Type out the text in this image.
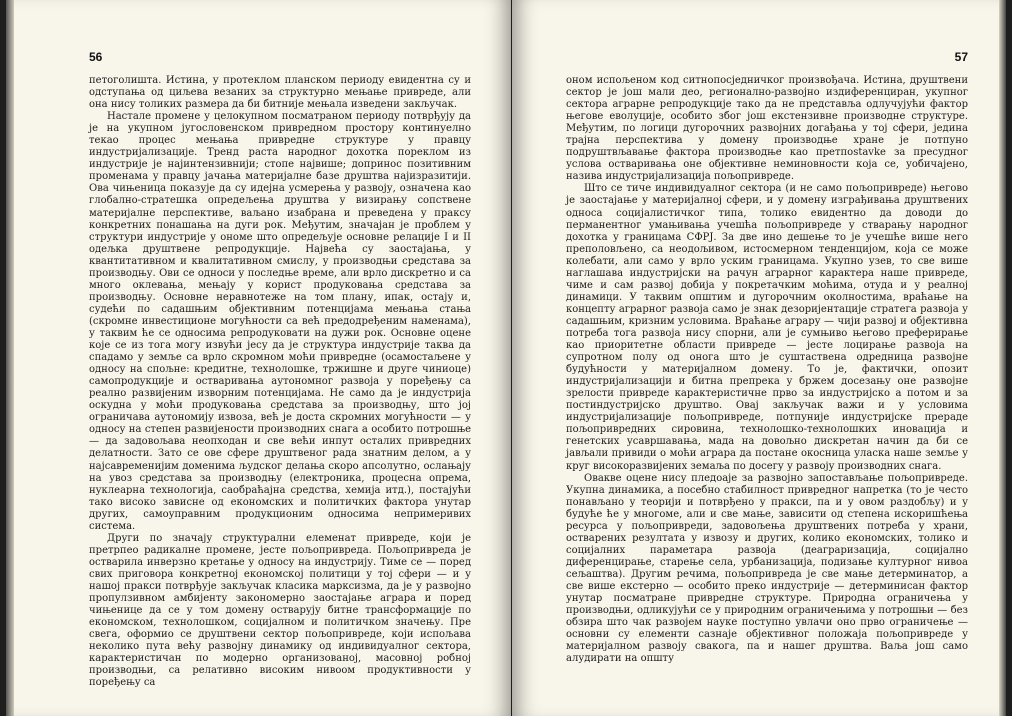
56

петоголишта. Истина, у протеклом планском периоду евидентна су и одступања од циљева везаних за структурно мењање привреде, али она нису толиких размера да би битније мењала изведени закључак.

Настале промене у целокупном посматраном периоду потврђују да је на укупном југословенском привредном простору континуелно текао процес мењања привредне структуре у правцу индустријализације. Тренд раста народног дохотка пореклом из индустрије је најинтензивнији; стопе највише; допринос позитивним променама у правцу јачања материјалне базе друштва најизразитији. Ова чињеница показује да су идејна усмерења у развоју, означена као глобално-стратешка опредељења друштва у визирању сопствене материјалне перспективе, ваљано изабрана и преведена у праксу конкретних понашања на дуги рок. Међутим, значајан је проблем у структури индустрије у ономе што опредељује основне релације I и II одељка друштвене репродукције. Највећа су заостајања, у квантитативном и квалитативном смислу, у производњи средстава за производњу. Ови се односи у последње време, али врло дискретно и са много оклевања, мењају у корист продуковања средстава за производњу. Основне неравнотеже на том плану, ипак, остају и, судећи по садашњим објективним потенцијама мењања стања (скромне инвестиционе могућности са већ предодређеним наменама), у таквим ће се односима репродуковати на дужи рок. Основне оцене које се из тога могу извући јесу да је структура индустрије таква да спадамо у земље са врло скромном моћи привредне (осамостаљене у односу на спољне: кредитне, технолошке, тржишне и друге чиниоце) самопродукције и остваривања аутономног развоја у поређењу са реално развијеним изворним потенцијама. Не само да је индустрија оскудна у моћи продуковања средстава за производњу, што јој ограничава аутономију извоза, већ је доста скромних могућности — у односу на степен развијености производних снага а особито потрошње — да задовољава неопходан и све већи инпут осталих привредних делатности. Зато се ове сфере друштвеног рада знатним делом, а у најсавременијим доменима људског делања скоро апсолутно, ослањају на увоз средстава за производњу (електроника, процесна опрема, нуклеарна технологија, саобраћајна средства, хемија итд.), постајући тако високо зависне од економских и политичких фактора унутар других, самоуправним продукционим односима непримеривих система.

Други по значају структурални елеменат привреде, који је претрпео радикалне промене, јесте пољопривреда. Пољопривреда је остварила инверзно кретање у односу на индустрију. Тиме се — поред свих приговора конкретној економској политици у тој сфери — и у нашој пракси потврђује закључак класика марксизма, да је у развојно пропулзивном амбијенту закономерно заостајање аграра и поред чињенице да се у том домену остварују битне трансформације по економском, технолошком, социјалном и политичком значењу. Пре свега, оформио се друштвени сектор пољопривреде, који испољава неколико пута већу развојну динамику од индивидуалног сектора, карактеристичан по модерно организованој, масовној робној производњи, са релативно високим нивоом продуктивности у поређењу са

57

оном испољеном код ситнопосједничког произвођача. Истина, друштвени сектор је још мали део, регионално-развојно издиференциран, укупног сектора аграрне репродукције тако да не представља одлучујући фактор његове еволуције, особито због још екстензивне производне структуре. Међутим, по логици дугорочних развојних догађања у тој сфери, једина трајна перспектива у домену производње хране је потпуно подруштвљавање фактора производње као претпоstavke за пресудног услова остваривања оне објективне неминовности која се, уобичајено, назива индустријализација пољопривреде.

Што се тиче индивидуалног сектора (и не само пољопривреде) његово је заостајање у материјалној сфери, и у домену изграђивања друштвених односа социјалистичког типа, толико евидентно да доводи до перманентног умањивања учешћа пољопривреде у стварању народног дохотка у границама СФРЈ. За две ино дешење то је учешће више него преполовљено, са неодољивом, истосмерном тенденцијом, која се може колебати, али само у врло уским границама. Укупно узев, то све више наглашава индустријски на рачун аграрног карактера наше привреде, чиме и сам развој добија у покретачким моћима, отуда и у реалној динамици. У таквим општим и дугорочним околностима, враћање на концепту аграрног развоја само је знак дезоријентације стратега развоја у садашњим, кризним условима. Враћање аграру — чији развој и објективна потреба тога развоја нису спорни, али је сумњиво његово преферирање као приоритетне области привреде — јесте лоцирање развоја на супротном полу од онога што је суштаствена одредница развојне будућности у материјалном домену. То је, фактички, опозит индустријализацији и битна препрека у бржем досезању оне развојне зрелости привреде карактеристичне прво за индустријско а потом и за постиндустријско друштво. Овај закључак важи и у условима индустријализације пољопривреде, потпуније индустријске прераде пољопривредних сировина, технолошко-технолошких иновација и генетских усавршавања, мада на довољно дискретан начин да би се јављали привиди о моћи аграра да постане окосница уласка наше земље у круг високоразвијених земаља по досегу у развоју производних снага.

Овакве оцене нису пледоаје за развојно запостављање пољопривреде. Укупна динамика, а посебно стабилност привредног напретка (то је често понављано у теорији и потврђено у пракси, па и у овом раздобљу) и у будуће ће у многоме, али и све мање, зависити од степена искоришћења ресурса у пољопривреди, задовољења друштвених потреба у храни, остварених резултата у извозу и других, колико економских, толико и социјалних параметара развоја (деаграризација, социјално диференцирање, старење села, урбанизација, подизање културног нивоа сељаштва). Другим речима, пољопривреда је све мање детерминатор, а све више екстерно — особито преко индустрије — детерминисан фактор унутар посматране привредне структуре. Природна ограничења у производњи, одликујући се у природним ограничењима у потрошњи — без обзира што чак развојем науке поступно увлачи оно прво ограничење — основни су елементи сазнаје објективног положаја пољопривреде у материјалном развоју свакога, па и нашег друштва. Ваља још само алудирати на општу
